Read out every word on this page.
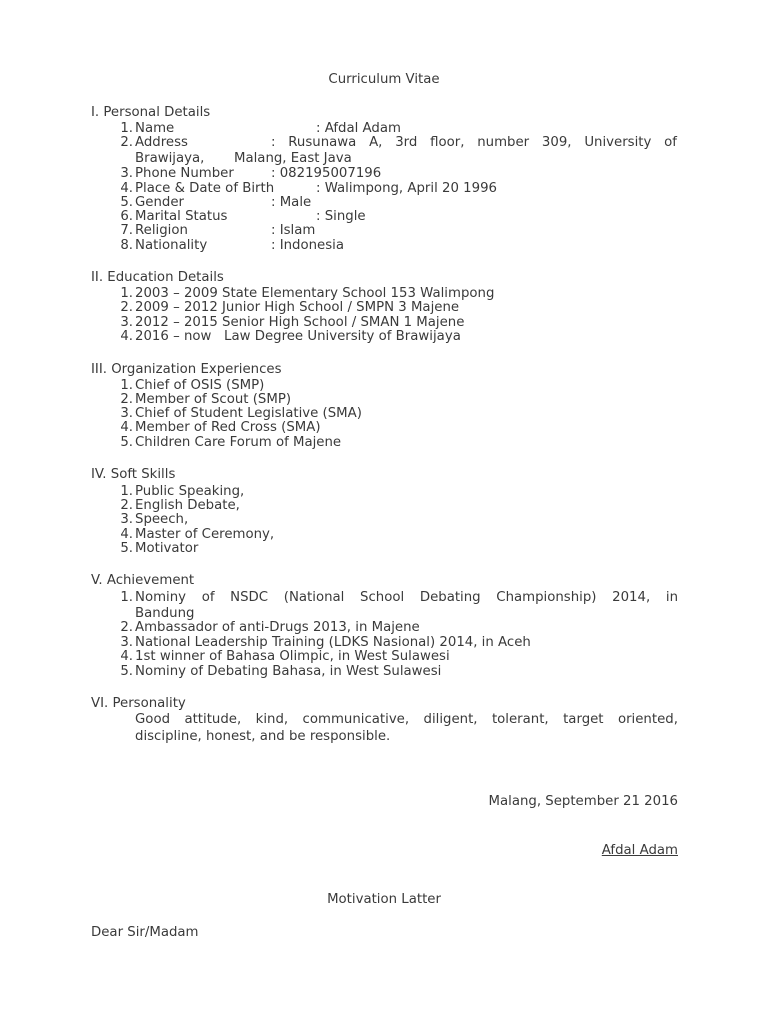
Curriculum Vitae
I. Personal Details
1. Name	: Afdal Adam
2. Address	: Rusunawa A, 3rd floor, number 309, University of
Brawijaya,       Malang, East Java
3. Phone Number	: 082195007196
4. Place & Date of Birth	: Walimpong, April 20 1996
5. Gender	: Male
6. Marital Status	: Single
7. Religion	: Islam
8. Nationality	: Indonesia
II. Education Details
1. 2003 – 2009 State Elementary School 153 Walimpong
2. 2009 – 2012 Junior High School / SMPN 3 Majene
3. 2012 – 2015 Senior High School / SMAN 1 Majene
4. 2016 – now   Law Degree University of Brawijaya
III. Organization Experiences
1. Chief of OSIS (SMP)
2. Member of Scout (SMP)
3. Chief of Student Legislative (SMA)
4. Member of Red Cross (SMA)
5. Children Care Forum of Majene
IV. Soft Skills
1. Public Speaking,
2. English Debate,
3. Speech,
4. Master of Ceremony,
5. Motivator
V. Achievement
1. Nominy of NSDC (National School Debating Championship) 2014, in
Bandung
2. Ambassador of anti-Drugs 2013, in Majene
3. National Leadership Training (LDKS Nasional) 2014, in Aceh
4. 1st winner of Bahasa Olimpic, in West Sulawesi
5. Nominy of Debating Bahasa, in West Sulawesi
VI. Personality
Good attitude, kind, communicative, diligent, tolerant, target oriented,
discipline, honest, and be responsible.
Malang, September 21 2016
Afdal Adam
Motivation Latter
Dear Sir/Madam
